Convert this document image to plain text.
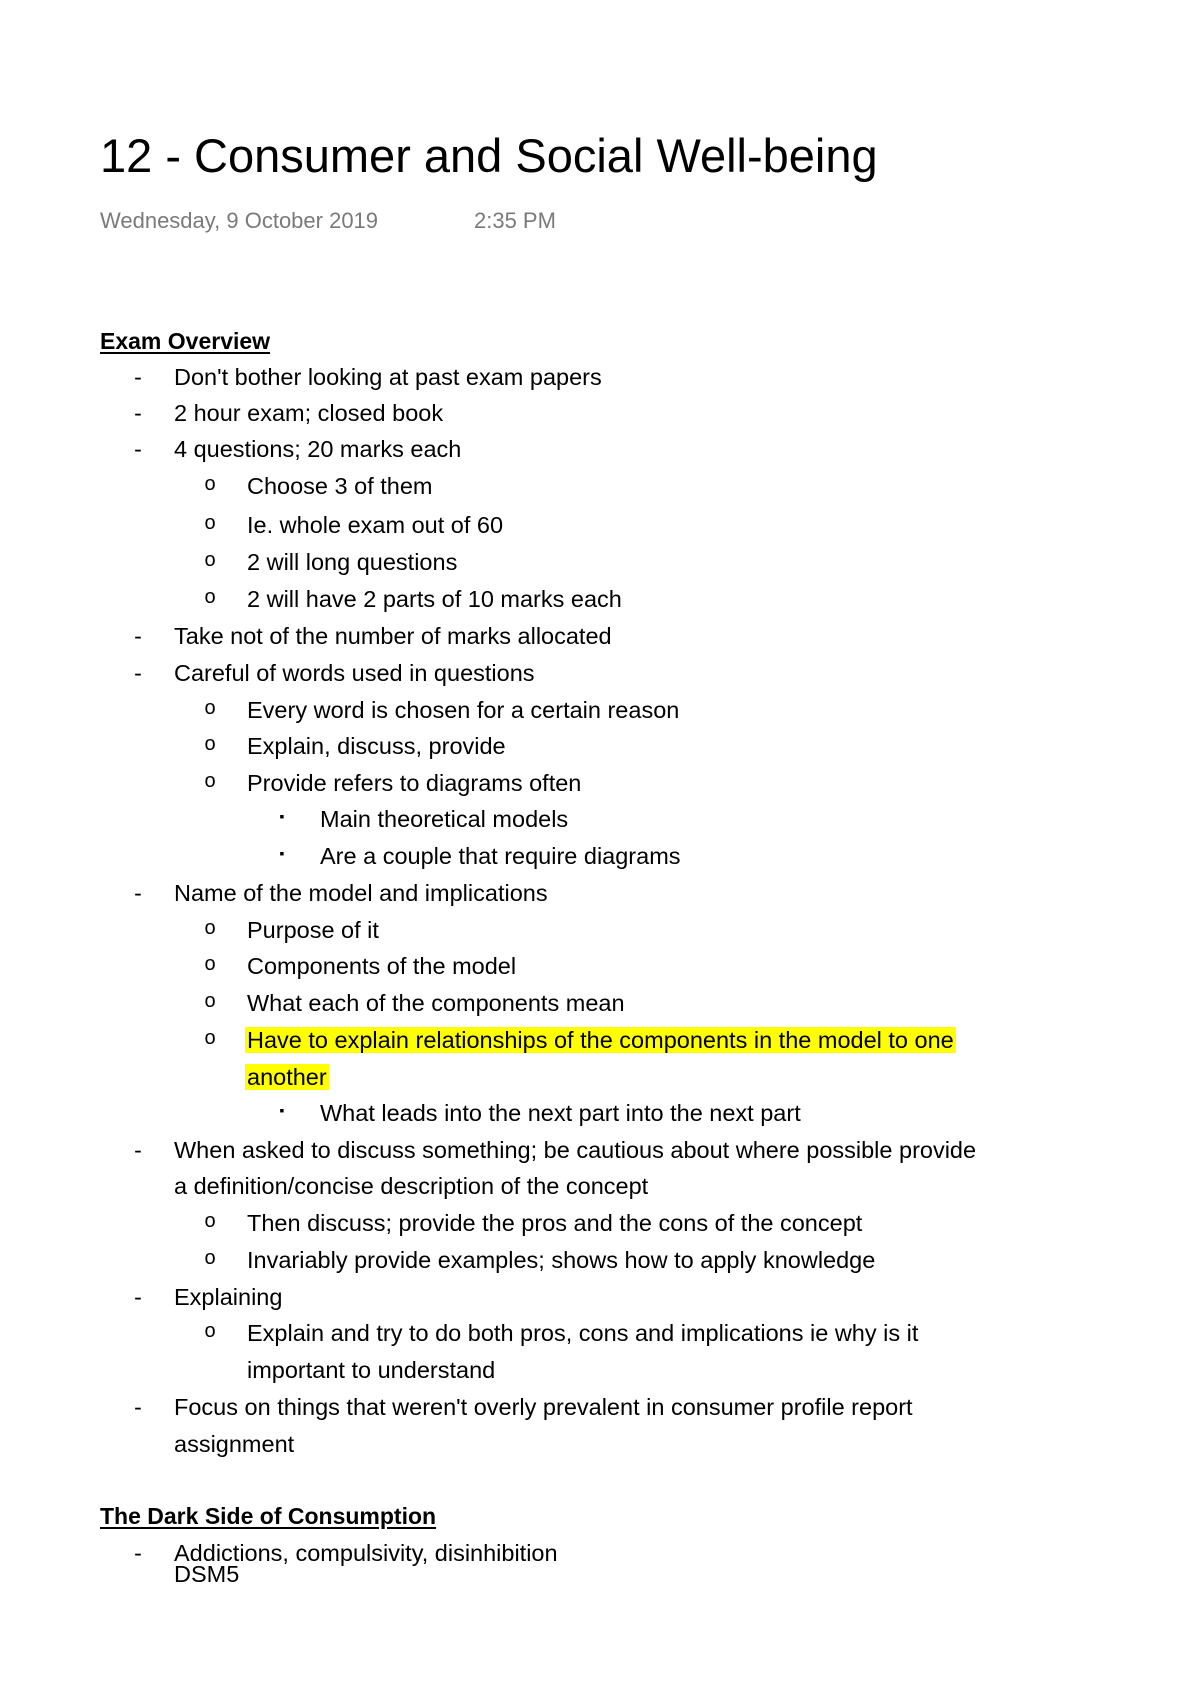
12 - Consumer and Social Well-being
Wednesday, 9 October 2019	2:35 PM
Exam Overview
- Don't bother looking at past exam papers
- 2 hour exam; closed book
- 4 questions; 20 marks each
o Choose 3 of them
o Ie. whole exam out of 60
o 2 will long questions
o 2 will have 2 parts of 10 marks each
- Take not of the number of marks allocated
- Careful of words used in questions
o Every word is chosen for a certain reason
o Explain, discuss, provide
o Provide refers to diagrams often
▪	Main theoretical models
▪	Are a couple that require diagrams
- Name of the model and implications
o Purpose of it
o Components of the model
o What each of the components mean
o Have to explain relationships of the components in the model to one
another
▪	What leads into the next part into the next part
- When asked to discuss something; be cautious about where possible provide
a definition/concise description of the concept
o Then discuss; provide the pros and the cons of the concept
o Invariably provide examples; shows how to apply knowledge
- Explaining
o Explain and try to do both pros, cons and implications ie why is it
important to understand
- Focus on things that weren't overly prevalent in consumer profile report
assignment
The Dark Side of Consumption
- Addictions, compulsivity, disinhibition
DSM5
